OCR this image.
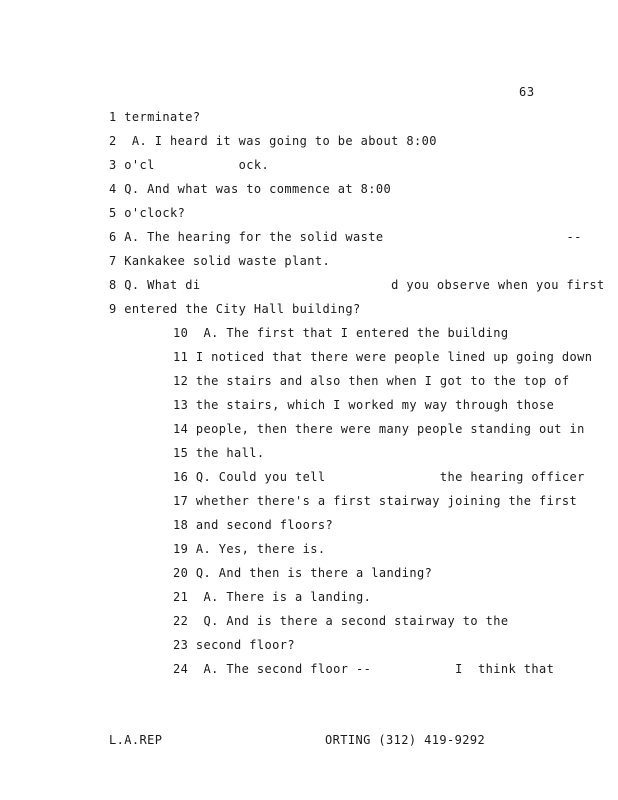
63
1 terminate?
2  A. I heard it was going to be about 8:00
3 o'cl           ock.
4 Q. And what was to commence at 8:00
5 o'clock?
6 A. The hearing for the solid waste                        --
7 Kankakee solid waste plant.
8 Q. What di                         d you observe when you first
9 entered the City Hall building?
10  A. The first that I entered the building
11 I noticed that there were people lined up going down
12 the stairs and also then when I got to the top of
13 the stairs, which I worked my way through those
14 people, then there were many people standing out in
15 the hall.
16 Q. Could you tell               the hearing officer
17 whether there's a first stairway joining the first
18 and second floors?
19 A. Yes, there is.
20 Q. And then is there a landing?
21  A. There is a landing.
22  Q. And is there a second stairway to the
23 second floor?
24  A. The second floor --           I  think that
L.A.REP	ORTING (312) 419-9292
